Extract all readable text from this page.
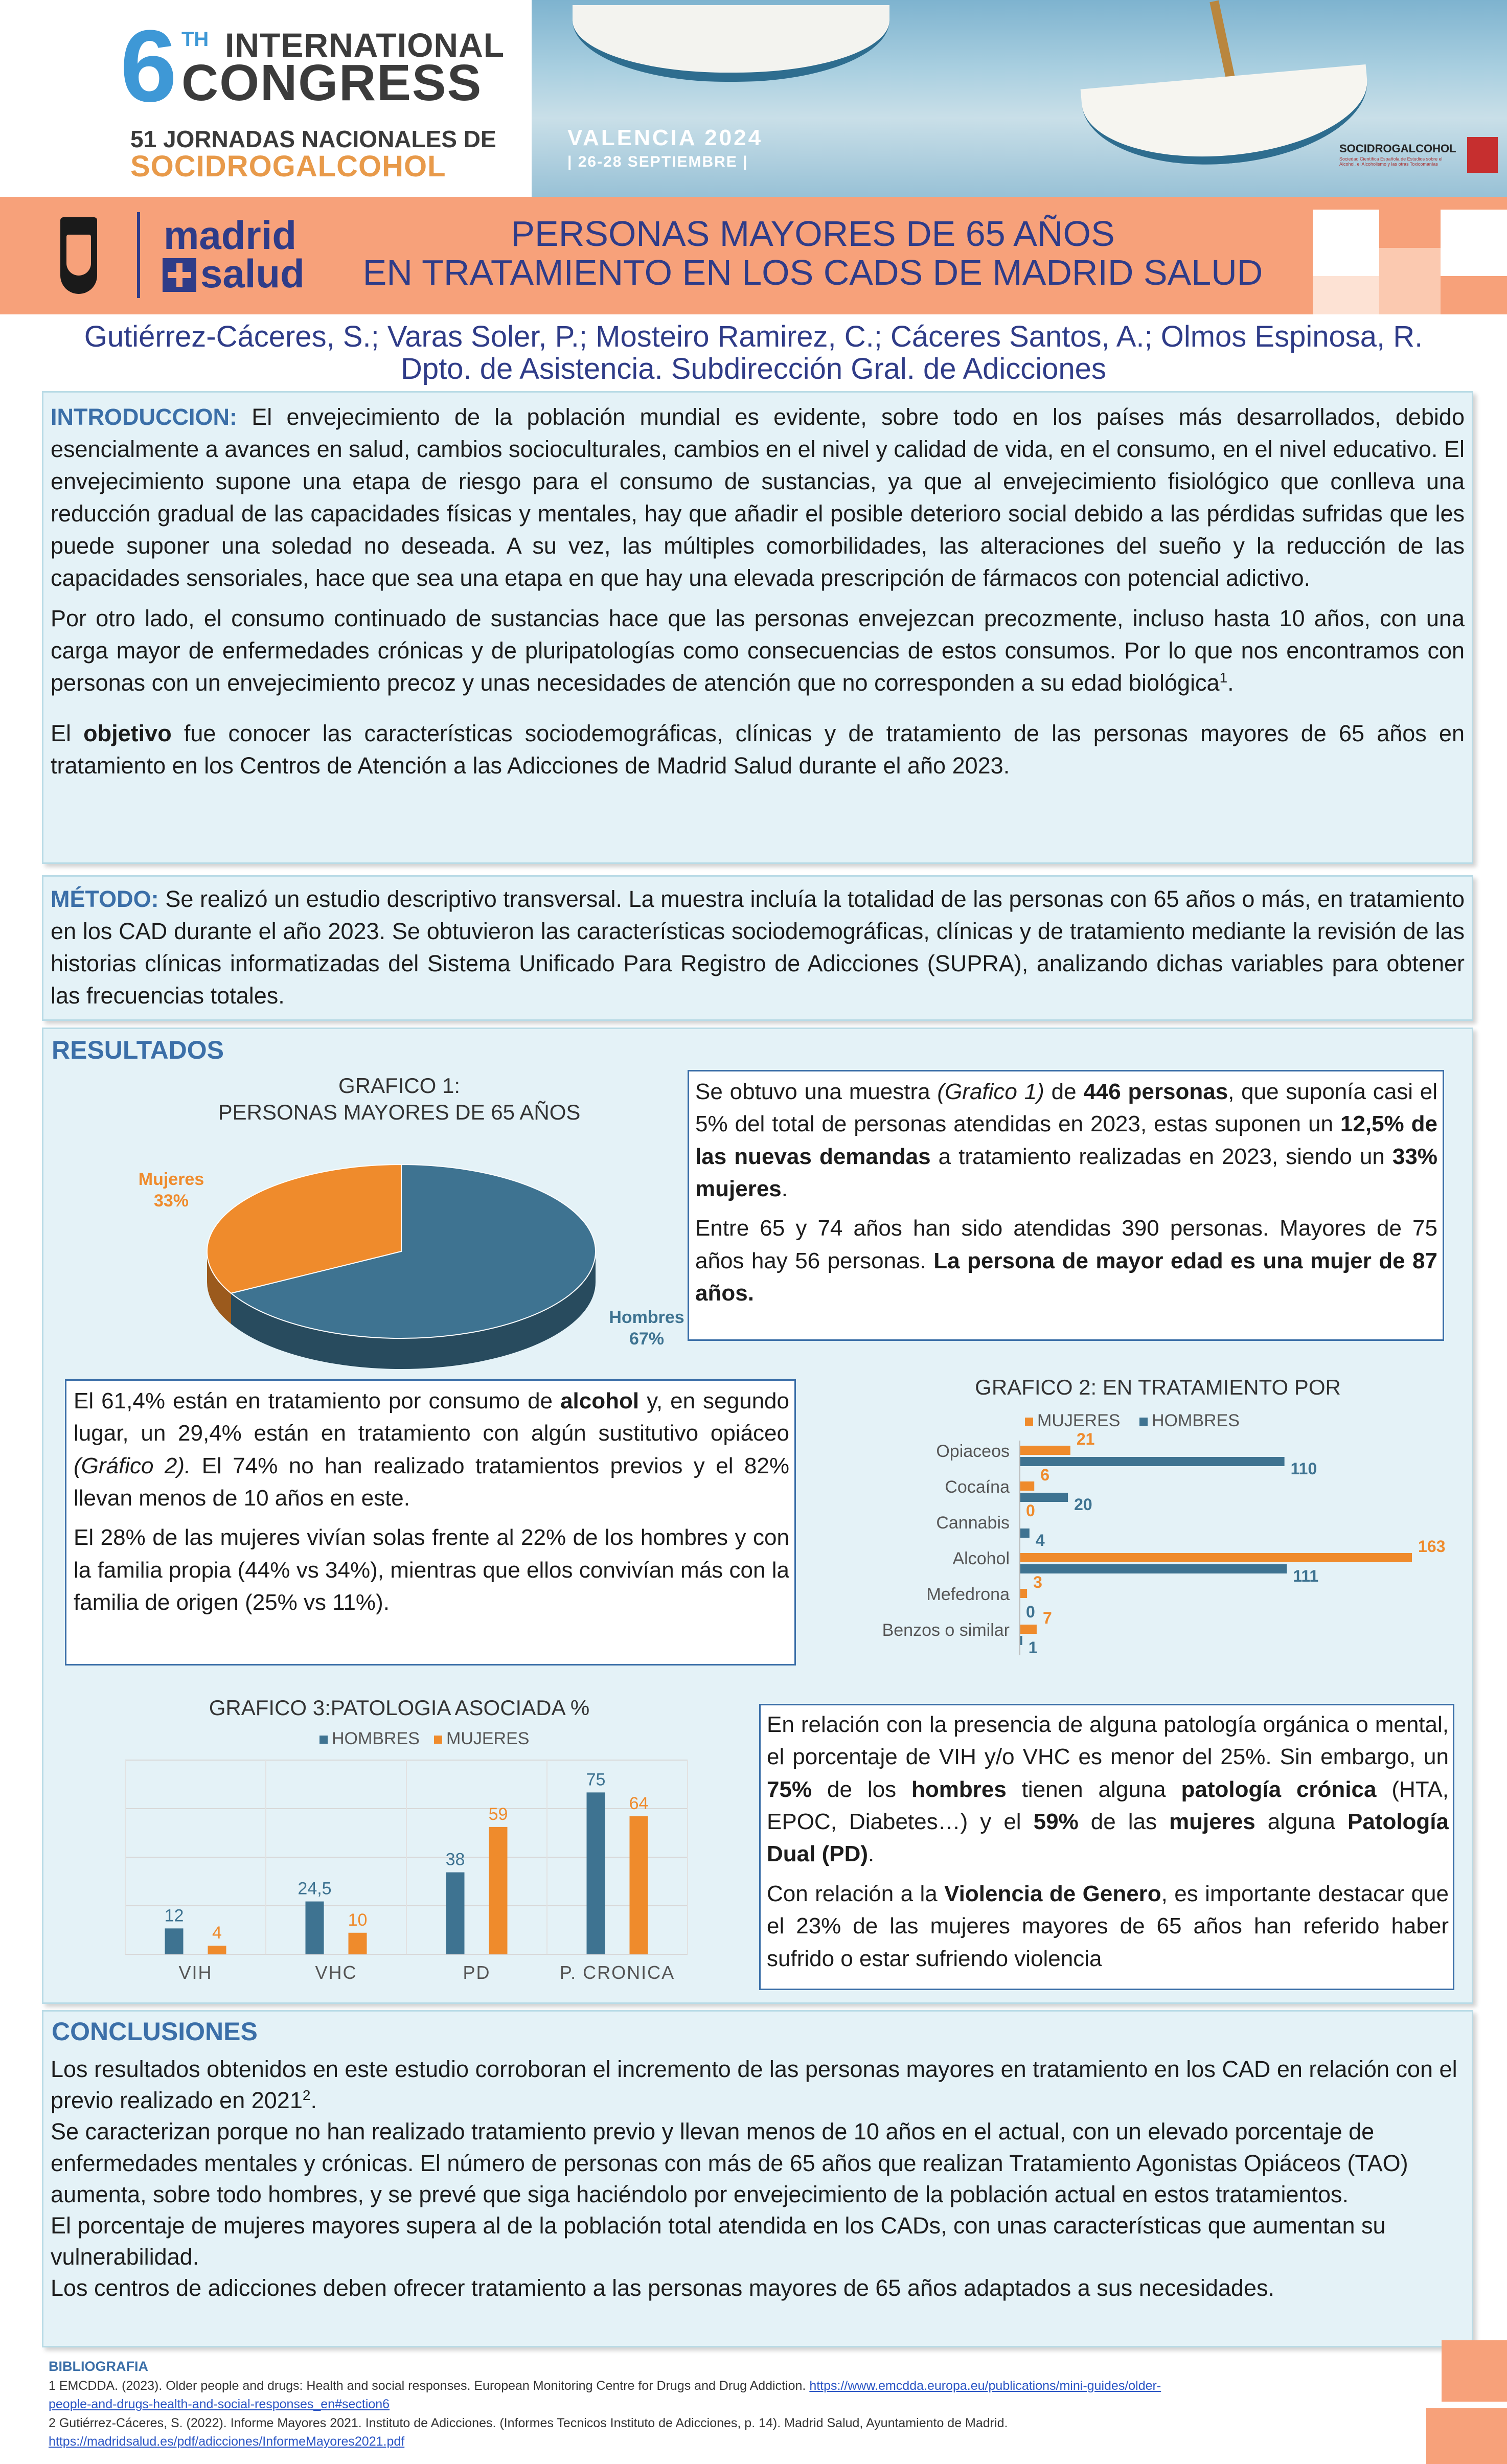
6 TH INTERNATIONAL
CONGRESS
51 JORNADAS NACIONALES DE
SOCIDROGALCOHOL
VALENCIA 2024
| 26-28 SEPTIEMBRE |
SOCIDROGALCOHOL
Sociedad Científica Española de Estudios sobre el Alcohol, el Alcoholismo y las otras Toxicomanías
madrid
salud
PERSONAS MAYORES DE 65 AÑOS
EN TRATAMIENTO EN LOS CADS DE MADRID SALUD
Gutiérrez-Cáceres, S.; Varas Soler, P.; Mosteiro Ramirez, C.; Cáceres Santos, A.; Olmos Espinosa, R.
Dpto. de Asistencia. Subdirección Gral. de Adicciones

INTRODUCCION: El envejecimiento de la población mundial es evidente, sobre todo en los países más desarrollados, debido esencialmente a avances en salud, cambios socioculturales, cambios en el nivel y calidad de vida, en el consumo, en el nivel educativo. El envejecimiento supone una etapa de riesgo para el consumo de sustancias, ya que al envejecimiento fisiológico que conlleva una reducción gradual de las capacidades físicas y mentales, hay que añadir el posible deterioro social debido a las pérdidas sufridas que les puede suponer una soledad no deseada. A su vez, las múltiples comorbilidades, las alteraciones del sueño y la reducción de las capacidades sensoriales, hace que sea una etapa en que hay una elevada prescripción de fármacos con potencial adictivo.

Por otro lado, el consumo continuado de sustancias hace que las personas envejezcan precozmente, incluso hasta 10 años, con una carga mayor de enfermedades crónicas y de pluripatologías como consecuencias de estos consumos. Por lo que nos encontramos con personas con un envejecimiento precoz y unas necesidades de atención que no corresponden a su edad biológica$^1$.

El objetivo fue conocer las características sociodemográficas, clínicas y de tratamiento de las personas mayores de 65 años en tratamiento en los Centros de Atención a las Adicciones de Madrid Salud durante el año 2023.

MÉTODO: Se realizó un estudio descriptivo transversal. La muestra incluía la totalidad de las personas con 65 años o más, en tratamiento en los CAD durante el año 2023. Se obtuvieron las características sociodemográficas, clínicas y de tratamiento mediante la revisión de las historias clínicas informatizadas del Sistema Unificado Para Registro de Adicciones (SUPRA), analizando dichas variables para obtener las frecuencias totales.

RESULTADOS
GRAFICO 1:
PERSONAS MAYORES DE 65 AÑOS
Mujeres
33%
Hombres
67%

Se obtuvo una muestra (Grafico 1) de 446 personas, que suponía casi el 5% del total de personas atendidas en 2023, estas suponen un 12,5% de las nuevas demandas a tratamiento realizadas en 2023, siendo un 33% mujeres.

Entre 65 y 74 años han sido atendidas 390 personas. Mayores de 75 años hay 56 personas. La persona de mayor edad es una mujer de 87 años.

El 61,4% están en tratamiento por consumo de alcohol y, en segundo lugar, un 29,4% están en tratamiento con algún sustitutivo opiáceo (Gráfico 2). El 74% no han realizado tratamientos previos y el 82% llevan menos de 10 años en este.

El 28% de las mujeres vivían solas frente al 22% de los hombres y con la familia propia (44% vs 34%), mientras que ellos convivían más con la familia de origen (25% vs 11%).

GRAFICO 2: EN TRATAMIENTO POR
MUJERES HOMBRES
Opiaceos
21
110
Cocaína
6
20
Cannabis
0
4
Alcohol
163
111
Mefedrona
3
0
Benzos o similar
7
1
GRAFICO 3:PATOLOGIA ASOCIADA %
HOMBRES MUJERES
VIH
12
4
VHC
24,5
10
PD
38
59
P. CRONICA
75
64

En relación con la presencia de alguna patología orgánica o mental, el porcentaje de VIH y/o VHC es menor del 25%. Sin embargo, un 75% de los hombres tienen alguna patología crónica (HTA, EPOC, Diabetes…) y el 59% de las mujeres alguna Patología Dual (PD).

Con relación a la Violencia de Genero, es importante destacar que el 23% de las mujeres mayores de 65 años han referido haber sufrido o estar sufriendo violencia

CONCLUSIONES
Los resultados obtenidos en este estudio corroboran el incremento de las personas mayores en tratamiento en los CAD en relación con el previo realizado en 2021$^2$.
Se caracterizan porque no han realizado tratamiento previo y llevan menos de 10 años en el actual, con un elevado porcentaje de enfermedades mentales y crónicas. El número de personas con más de 65 años que realizan Tratamiento Agonistas Opiáceos (TAO) aumenta, sobre todo hombres, y se prevé que siga haciéndolo por envejecimiento de la población actual en estos tratamientos.
El porcentaje de mujeres mayores supera al de la población total atendida en los CADs, con unas características que aumentan su vulnerabilidad.
Los centros de adicciones deben ofrecer tratamiento a las personas mayores de 65 años adaptados a sus necesidades.
BIBLIOGRAFIA
1 EMCDDA. (2023). Older people and drugs: Health and social responses. European Monitoring Centre for Drugs and Drug Addiction. https://www.emcdda.europa.eu/publications/mini-guides/older-
people-and-drugs-health-and-social-responses_en#section6
2 Gutiérrez-Cáceres, S. (2022). Informe Mayores 2021. Instituto de Adicciones. (Informes Tecnicos Instituto de Adicciones, p. 14). Madrid Salud, Ayuntamiento de Madrid.
https://madridsalud.es/pdf/adicciones/InformeMayores2021.pdf
